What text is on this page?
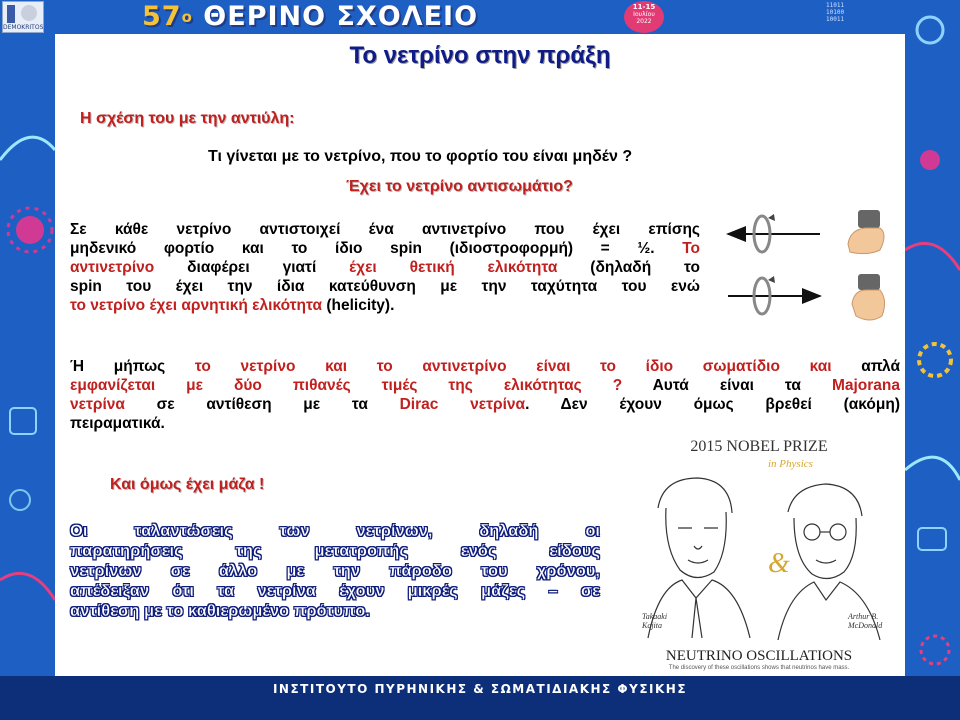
DEMOKRITOS	$57^o$ ΘΕΡΙΝΟ ΣΧΟΛΕΙΟ	11-15
Ιουλίου
2022
11011
10100
10011
Το νετρίνο στην πράξη
Η σχέση του με την αντιύλη:
Τι γίνεται με το νετρίνο, που το φορτίο του είναι μηδέν ?
Έχει το νετρίνο αντισωμάτιο?

Σε κάθε νετρίνο αντιστοιχεί ένα αντινετρίνο που έχει επίσης

μηδενικό φορτίο και το ίδιο spin (ιδιοστροφορμή) = ½. Το

αντινετρίνο διαφέρει γιατί έχει θετική ελικότητα (δηλαδή το

spin του έχει την ίδια κατεύθυνση με την ταχύτητα του ενώ

το νετρίνο έχει αρνητική ελικότητα (helicity).

Ή μήπως το νετρίνο και το αντινετρίνο είναι το ίδιο σωματίδιο και απλά

εμφανίζεται με δύο πιθανές τιμές της ελικότητας ? Αυτά είναι τα Majorana

νετρίνα σε αντίθεση με τα Dirac νετρίνα. Δεν έχουν όμως βρεθεί (ακόμη)

πειραματικά.

Και όμως έχει μάζα !

Οι ταλαντώσεις των νετρίνων, δηλαδή οι

παρατηρήσεις της μετατροπής ενός είδους

νετρίνων σε άλλο με την πάροδο του χρόνου,

απέδειξαν ότι τα νετρίνα έχουν μικρές μάζες – σε

αντίθεση με το καθιερωμένο πρότυπο.

2015 NOBEL PRIZE
in Physics
&
Takaaki
Kajita
Arthur B.
McDonald
NEUTRINO OSCILLATIONS
The discovery of these oscillations shows that neutrinos have mass.
ΙΝΣΤΙΤΟΥΤΟ ΠΥΡΗΝΙΚΗΣ & ΣΩΜΑΤΙΔΙΑΚΗΣ ΦΥΣΙΚΗΣ
